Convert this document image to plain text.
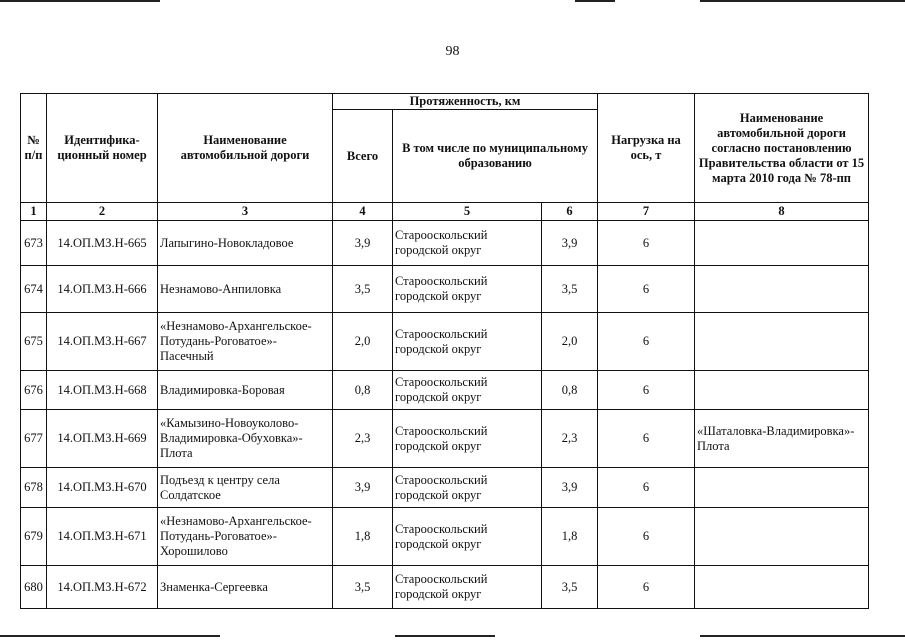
98
№ п/п	Идентифика-ционный номер	Наименование автомобильной дороги	Протяженность, км			Нагрузка на ось, т	Наименование автомобильной дороги согласно постановлению Правительства области от 15 марта 2010 года № 78-пп
			Всего	В том числе по муниципальному образованию			
1	2	3	4	5	6	7	8
673	14.ОП.МЗ.Н-665	Лапыгино-Новокладовое	3,9	Старооскольский городской округ	3,9	6	
674	14.ОП.МЗ.Н-666	Незнамово-Анпиловка	3,5	Старооскольский городской округ	3,5	6	
675	14.ОП.МЗ.Н-667	«Незнамово-Архангельское-Потудань-Роговатое»-Пасечный	2,0	Старооскольский городской округ	2,0	6	
676	14.ОП.МЗ.Н-668	Владимировка-Боровая	0,8	Старооскольский городской округ	0,8	6	
677	14.ОП.МЗ.Н-669	«Камызино-Новоуколово-Владимировка-Обуховка»-Плота	2,3	Старооскольский городской округ	2,3	6	«Шаталовка-Владимировка»-Плота
678	14.ОП.МЗ.Н-670	Подъезд к центру села Солдатское	3,9	Старооскольский городской округ	3,9	6	
679	14.ОП.МЗ.Н-671	«Незнамово-Архангельское-Потудань-Роговатое»-Хорошилово	1,8	Старооскольский городской округ	1,8	6	
680	14.ОП.МЗ.Н-672	Знаменка-Сергеевка	3,5	Старооскольский городской округ	3,5	6	
